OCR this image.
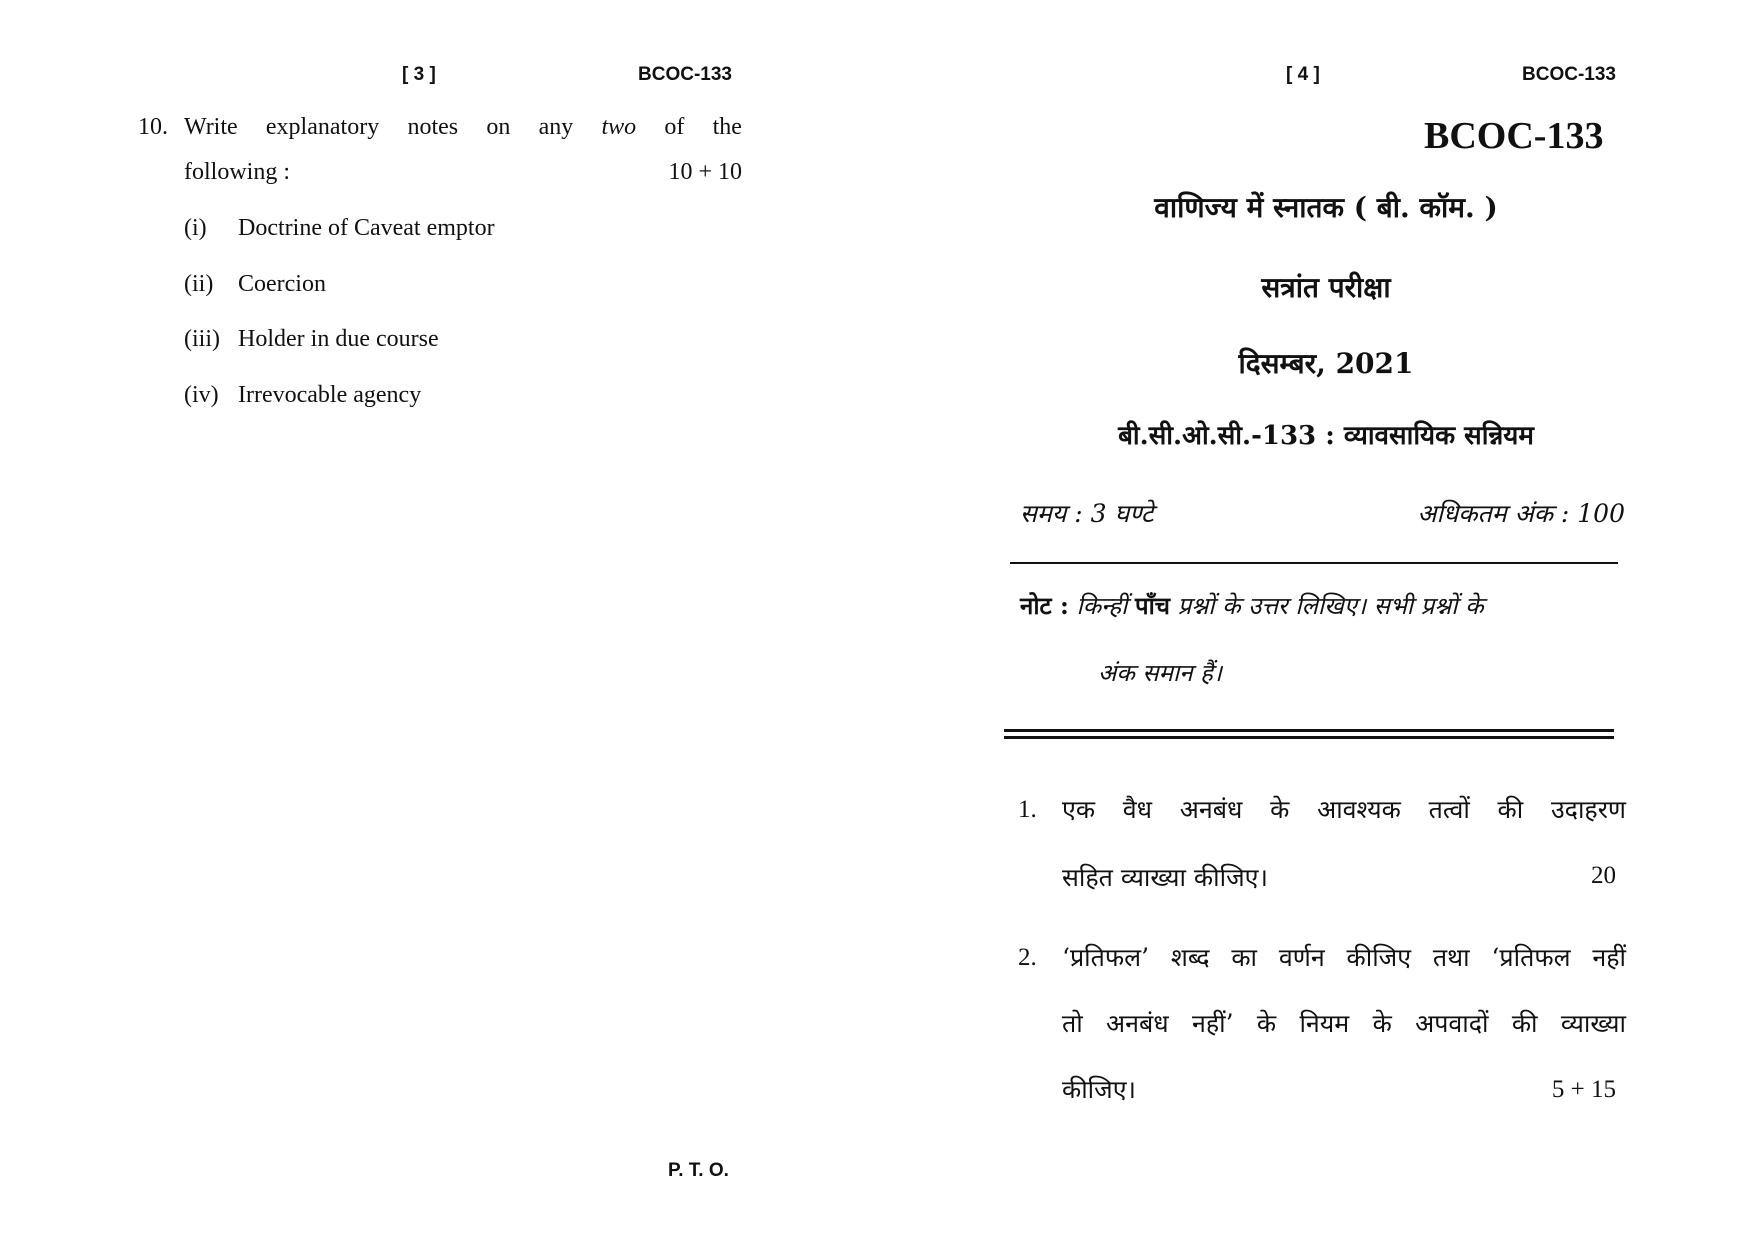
[ 3 ]	BCOC-133
10. Write explanatory notes on any two of the
following :	10 + 10
(i) Doctrine of Caveat emptor
(ii) Coercion
(iii) Holder in due course
(iv) Irrevocable agency
P. T. O.
[ 4 ]	BCOC-133
BCOC-133
वाणिज्य में स्नातक ( बी. कॉम. )
सत्रांत परीक्षा
दिसम्बर, 2021
बी.सी.ओ.सी.-133 : व्यावसायिक सन्नियम
समय : 3 घण्टे	अधिकतम अंक : 100
नोट : किन्हीं पाँच प्रश्नों के उत्तर लिखिए। सभी प्रश्नों के
अंक समान हैं।
1. एक वैध अनबंध के आवश्यक तत्वों की उदाहरण
सहित व्याख्या कीजिए।	20
2. ‘प्रतिफल’ शब्द का वर्णन कीजिए तथा ‘प्रतिफल नहीं
तो अनबंध नहीं’ के नियम के अपवादों की व्याख्या
कीजिए।	5 + 15
